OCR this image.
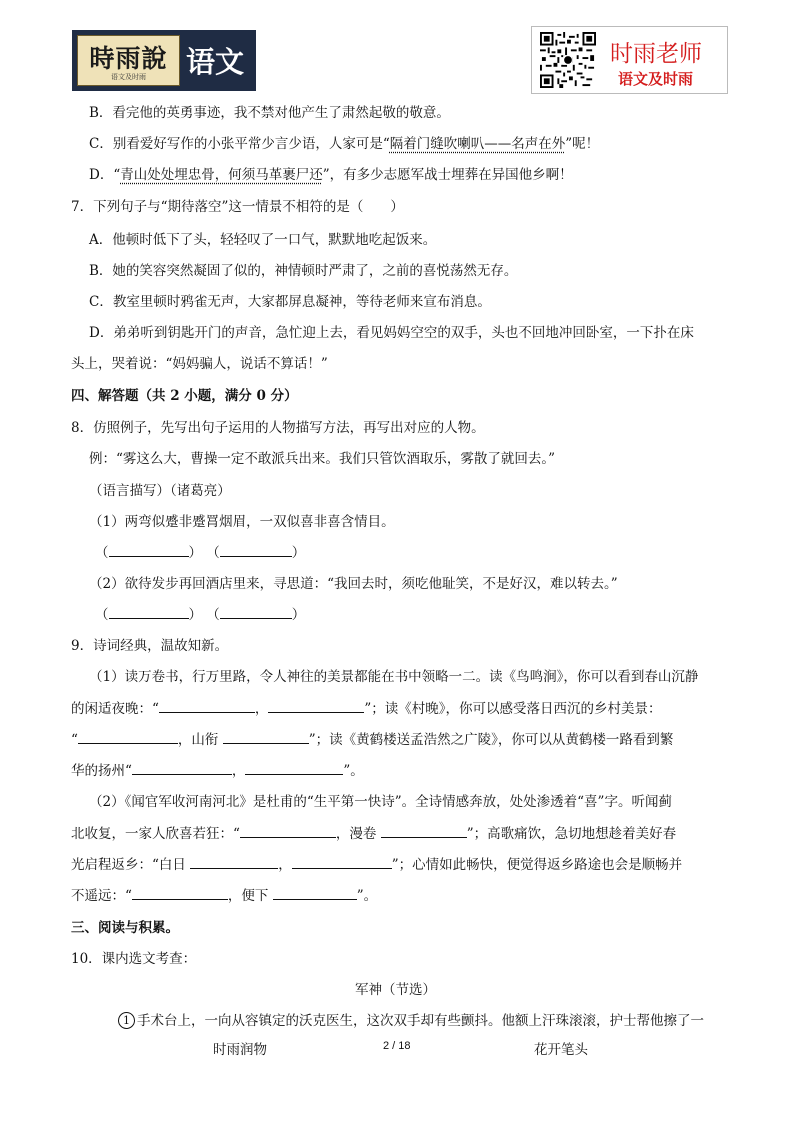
時雨說
语文及时雨	语文	时雨老师
语文及时雨
B．看完他的英勇事迹，我不禁对他产生了肃然起敬的敬意。
C．别看爱好写作的小张平常少言少语，人家可是“隔着门缝吹喇叭——名声在外”呢！
D．“青山处处埋忠骨，何须马革裹尸还”，有多少志愿军战士埋葬在异国他乡啊！
7．下列句子与“期待落空”这一情景不相符的是（　　）
A．他顿时低下了头，轻轻叹了一口气，默默地吃起饭来。
B．她的笑容突然凝固了似的，神情顿时严肃了，之前的喜悦荡然无存。
C．教室里顿时鸦雀无声，大家都屏息凝神，等待老师来宣布消息。
D．弟弟听到钥匙开门的声音，急忙迎上去，看见妈妈空空的双手，头也不回地冲回卧室，一下扑在床
头上，哭着说：“妈妈骗人，说话不算话！”
四、解答题（共 2 小题，满分 0 分）
8．仿照例子，先写出句子运用的人物描写方法，再写出对应的人物。
例：“雾这么大，曹操一定不敢派兵出来。我们只管饮酒取乐，雾散了就回去。”
（语言描写）（诸葛亮）
（1）两弯似蹙非蹙罥烟眉，一双似喜非喜含情目。
（	） （	）
（2）欲待发步再回酒店里来，寻思道：“我回去时，须吃他耻笑，不是好汉，难以转去。”
（	） （	）
9．诗词经典，温故知新。
（1）读万卷书，行万里路，令人神往的美景都能在书中领略一二。读《鸟鸣涧》，你可以看到春山沉静
的闲适夜晚：“	，	”；读《村晚》，你可以感受落日西沉的乡村美景：
“	，山衔	”；读《黄鹤楼送孟浩然之广陵》，你可以从黄鹤楼一路看到繁
华的扬州“	，	”。
（2）《闻官军收河南河北》是杜甫的“生平第一快诗”。全诗情感奔放，处处渗透着“喜”字。听闻蓟
北收复，一家人欣喜若狂：“	，漫卷	”；高歌痛饮，急切地想趁着美好春
光启程返乡：“白日	，	”；心情如此畅快，便觉得返乡路途也会是顺畅并
不遥远：“	，便下	”。
三、阅读与积累。
10．课内选文考查：
军神（节选）
1 手术台上，一向从容镇定的沃克医生，这次双手却有些颤抖。他额上汗珠滚滚，护士帮他擦了一
时雨润物	2 / 18	花开笔头
